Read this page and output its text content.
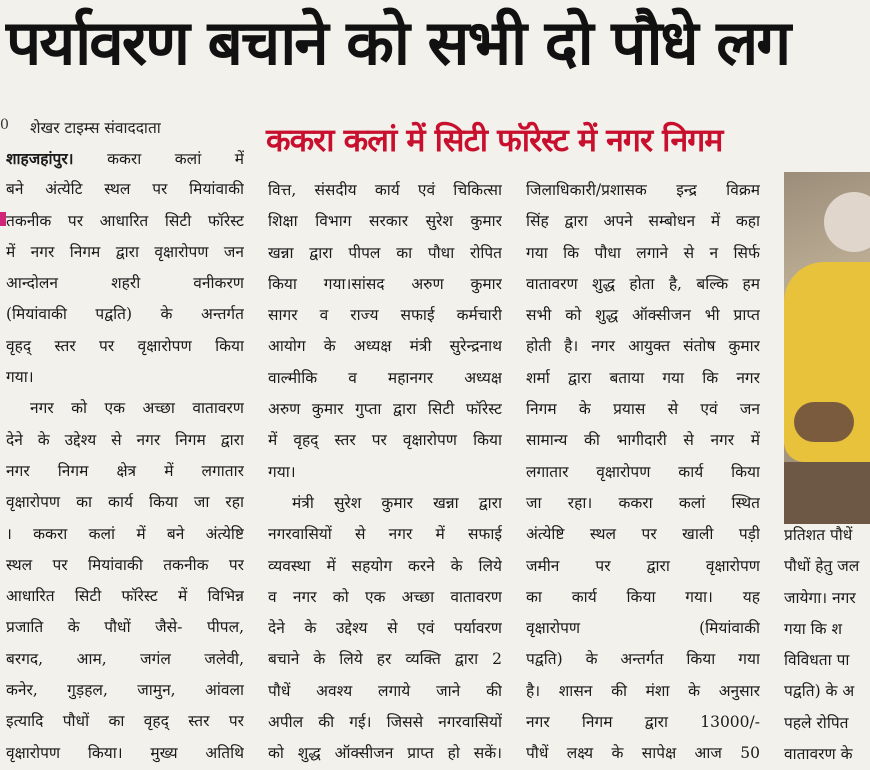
पर्यावरण बचाने को सभी दो पौधे लग
0 शेखर टाइम्स संवाददाता	ककरा कलां में सिटी फॉरेस्ट में नगर निगम

शाहजहांपुर। ककरा कलां में

बने अंत्येटि स्थल पर मियांवाकी

तकनीक पर आधारित सिटी फॉरेस्ट

में नगर निगम द्वारा वृक्षारोपण जन

आन्दोलन शहरी वनीकरण

(मियांवाकी पद्वति) के अन्तर्गत

वृहद् स्तर पर वृक्षारोपण किया

गया।

नगर को एक अच्छा वातावरण

देने के उद्देश्य से नगर निगम द्वारा

नगर निगम क्षेत्र में लगातार

वृक्षारोपण का कार्य किया जा रहा

। ककरा कलां में बने अंत्येष्टि

स्थल पर मियांवाकी तकनीक पर

आधारित सिटी फॉरेस्ट में विभिन्न

प्रजाति के पौधों जैसे- पीपल,

बरगद, आम, जगंल जलेवी,

कनेर, गुड़हल, जामुन, आंवला

इत्यादि पौधों का वृहद् स्तर पर

वृक्षारोपण किया। मुख्य अतिथि

वित्त, संसदीय कार्य एवं चिकित्सा

शिक्षा विभाग सरकार सुरेश कुमार

खन्ना द्वारा पीपल का पौधा रोपित

किया गया।सांसद अरुण कुमार

सागर व राज्य सफाई कर्मचारी

आयोग के अध्यक्ष मंत्री सुरेन्द्रनाथ

वाल्मीकि व महानगर अध्यक्ष

अरुण कुमार गुप्ता द्वारा सिटी फॉरेस्ट

में वृहद् स्तर पर वृक्षारोपण किया

गया।

मंत्री सुरेश कुमार खन्ना द्वारा

नगरवासियों से नगर में सफाई

व्यवस्था में सहयोग करने के लिये

व नगर को एक अच्छा वातावरण

देने के उद्देश्य से एवं पर्यावरण

बचाने के लिये हर व्यक्ति द्वारा 2

पौधें अवश्य लगाये जाने की

अपील की गई। जिससे नगरवासियों

को शुद्ध ऑक्सीजन प्राप्त हो सकें।

जिलाधिकारी/प्रशासक इन्द्र विक्रम

सिंह द्वारा अपने सम्बोधन में कहा

गया कि पौधा लगाने से न सिर्फ

वातावरण शुद्ध होता है, बल्कि हम

सभी को शुद्ध ऑक्सीजन भी प्राप्त

होती है। नगर आयुक्त संतोष कुमार

शर्मा द्वारा बताया गया कि नगर

निगम के प्रयास से एवं जन

सामान्य की भागीदारी से नगर में

लगातार वृक्षारोपण कार्य किया

जा रहा। ककरा कलां स्थित

अंत्येष्टि स्थल पर खाली पड़ी

जमीन पर द्वारा वृक्षारोपण

का कार्य किया गया। यह

वृक्षारोपण (मियांवाकी

पद्वति) के अन्तर्गत किया गया

है। शासन की मंशा के अनुसार

नगर निगम द्वारा 13000/-

पौधें लक्ष्य के सापेक्ष आज 50

प्रतिशत पौधें

पौधों हेतु जल

जायेगा। नगर

गया कि श

विविधता पा

पद्वति) के अ

पहले रोपित

वातावरण के
